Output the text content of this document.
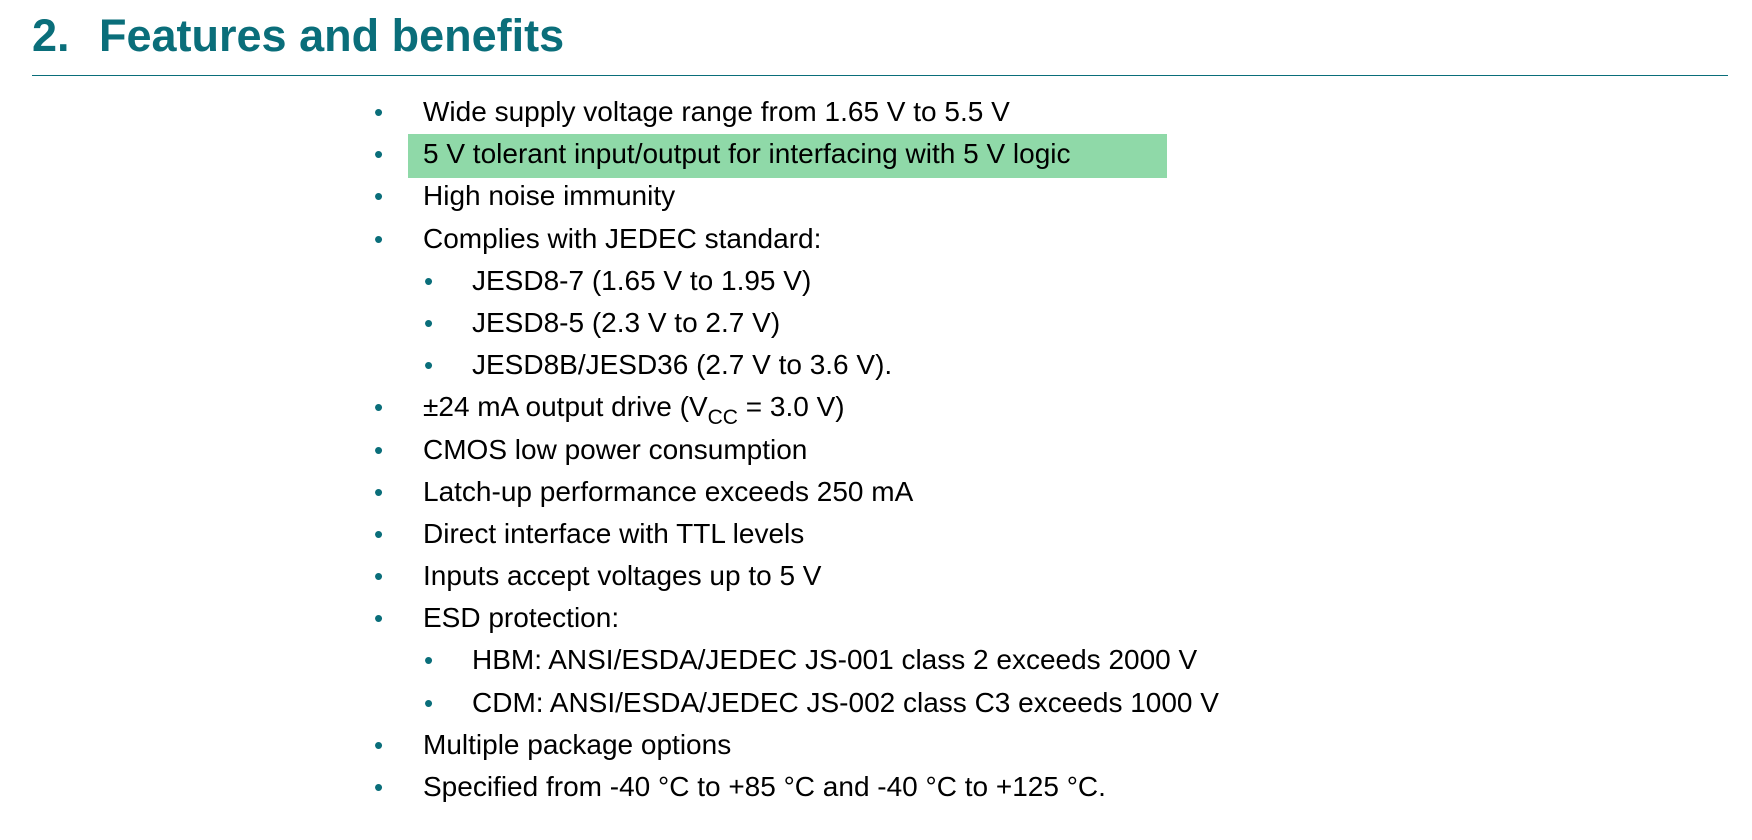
2. Features and benefits
• Wide supply voltage range from 1.65 V to 5.5 V
• 5 V tolerant input/output for interfacing with 5 V logic
• High noise immunity
• Complies with JEDEC standard:
• JESD8-7 (1.65 V to 1.95 V)
• JESD8-5 (2.3 V to 2.7 V)
• JESD8B/JESD36 (2.7 V to 3.6 V).
• ±24 mA output drive ($V_{CC} = 3.0$ V)
• CMOS low power consumption
• Latch-up performance exceeds 250 mA
• Direct interface with TTL levels
• Inputs accept voltages up to 5 V
• ESD protection:
• HBM: ANSI/ESDA/JEDEC JS-001 class 2 exceeds 2000 V
• CDM: ANSI/ESDA/JEDEC JS-002 class C3 exceeds 1000 V
• Multiple package options
• Specified from -40 °C to +85 °C and -40 °C to +125 °C.
